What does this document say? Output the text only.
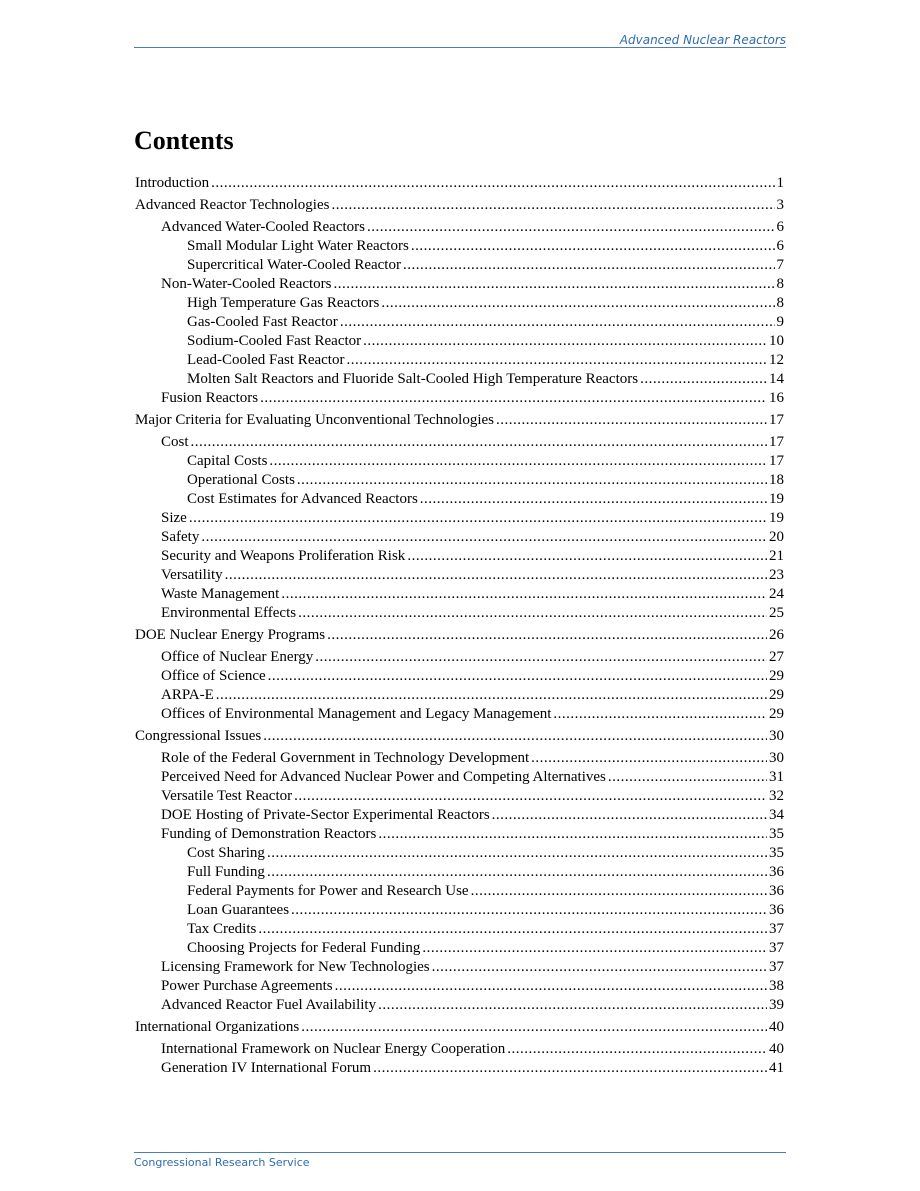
Advanced Nuclear Reactors
Contents
Introduction .....	1
Advanced Reactor Technologies .....	3
Advanced Water-Cooled Reactors .....	6
Small Modular Light Water Reactors .....	6
Supercritical Water-Cooled Reactor .....	7
Non-Water-Cooled Reactors .....	8
High Temperature Gas Reactors .....	8
Gas-Cooled Fast Reactor .....	9
Sodium-Cooled Fast Reactor .....	10
Lead-Cooled Fast Reactor .....	12
Molten Salt Reactors and Fluoride Salt-Cooled High Temperature Reactors .....	14
Fusion Reactors .....	16
Major Criteria for Evaluating Unconventional Technologies .....	17
Cost .....	17
Capital Costs .....	17
Operational Costs .....	18
Cost Estimates for Advanced Reactors .....	19
Size .....	19
Safety .....	20
Security and Weapons Proliferation Risk .....	21
Versatility .....	23
Waste Management .....	24
Environmental Effects .....	25
DOE Nuclear Energy Programs .....	26
Office of Nuclear Energy .....	27
Office of Science .....	29
ARPA-E .....	29
Offices of Environmental Management and Legacy Management .....	29
Congressional Issues .....	30
Role of the Federal Government in Technology Development .....	30
Perceived Need for Advanced Nuclear Power and Competing Alternatives .....	31
Versatile Test Reactor .....	32
DOE Hosting of Private-Sector Experimental Reactors .....	34
Funding of Demonstration Reactors .....	35
Cost Sharing .....	35
Full Funding .....	36
Federal Payments for Power and Research Use .....	36
Loan Guarantees .....	36
Tax Credits .....	37
Choosing Projects for Federal Funding .....	37
Licensing Framework for New Technologies .....	37
Power Purchase Agreements .....	38
Advanced Reactor Fuel Availability .....	39
International Organizations .....	40
International Framework on Nuclear Energy Cooperation .....	40
Generation IV International Forum .....	41
Congressional Research Service
